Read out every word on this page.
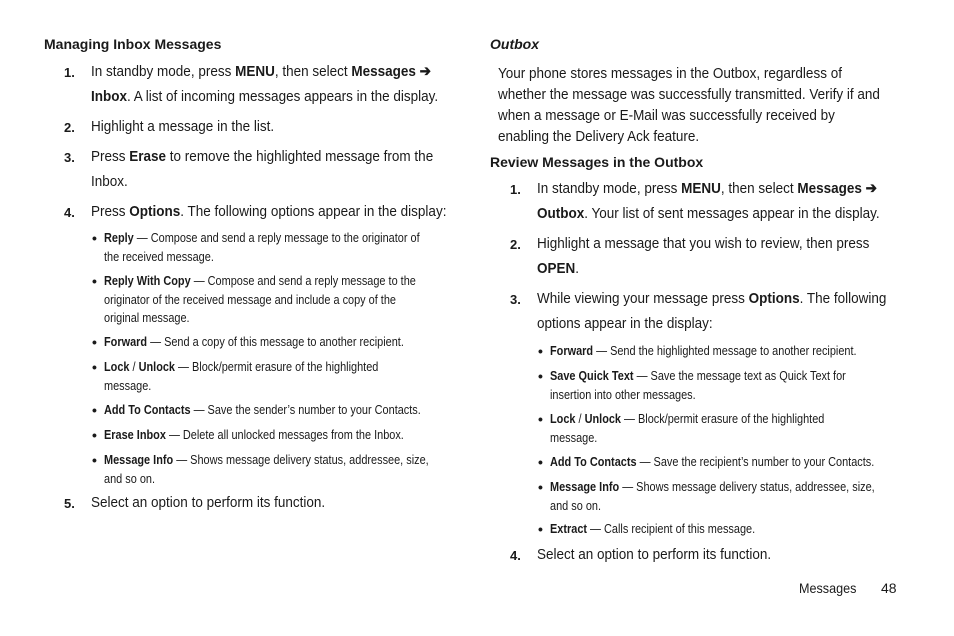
Managing Inbox Messages
1. In standby mode, press MENU, then select Messages ➔
Inbox. A list of incoming messages appears in the display.
2. Highlight a message in the list.
3. Press Erase to remove the highlighted message from the
Inbox.
4. Press Options. The following options appear in the display:
• Reply — Compose and send a reply message to the originator of
the received message.
• Reply With Copy — Compose and send a reply message to the
originator of the received message and include a copy of the
original message.
• Forward — Send a copy of this message to another recipient.
• Lock / Unlock — Block/permit erasure of the highlighted
message.
• Add To Contacts — Save the sender’s number to your Contacts.
• Erase Inbox — Delete all unlocked messages from the Inbox.
• Message Info — Shows message delivery status, addressee, size,
and so on.
5. Select an option to perform its function.
Outbox
Your phone stores messages in the Outbox, regardless of
whether the message was successfully transmitted. Verify if and
when a message or E-Mail was successfully received by
enabling the Delivery Ack feature.
Review Messages in the Outbox
1. In standby mode, press MENU, then select Messages ➔
Outbox. Your list of sent messages appear in the display.
2. Highlight a message that you wish to review, then press
OPEN.
3. While viewing your message press Options. The following
options appear in the display:
• Forward — Send the highlighted message to another recipient.
• Save Quick Text — Save the message text as Quick Text for
insertion into other messages.
• Lock / Unlock — Block/permit erasure of the highlighted
message.
• Add To Contacts — Save the recipient’s number to your Contacts.
• Message Info — Shows message delivery status, addressee, size,
and so on.
• Extract — Calls recipient of this message.
4. Select an option to perform its function.
Messages 48
